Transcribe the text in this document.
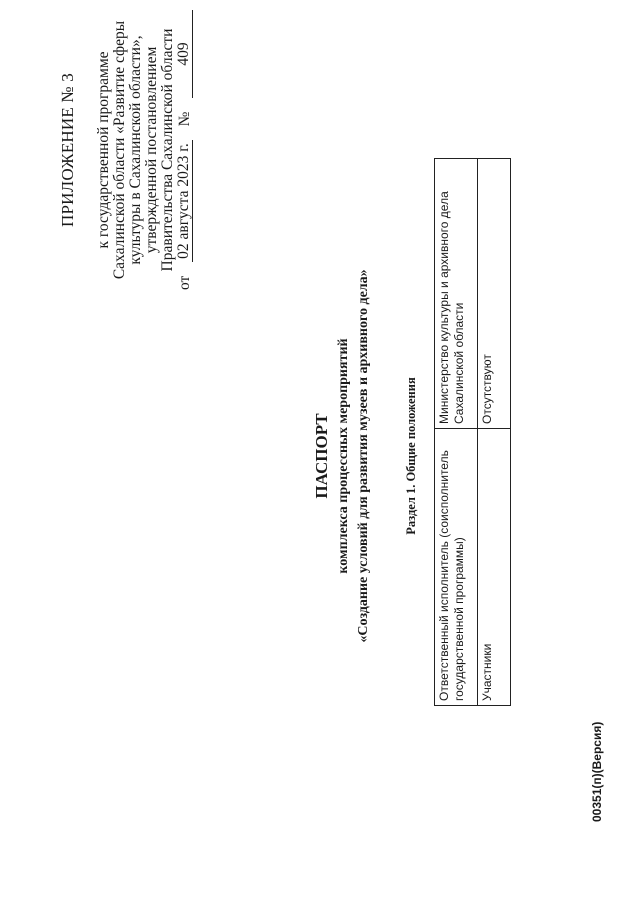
ПРИЛОЖЕНИЕ № 3 к государственной программе Сахалинской области «Развитие сферы культуры в Сахалинской области», утвержденной постановлением Правительства Сахалинской области
от
02 августа 2023 г.
№
409
ПАСПОРТ комплекса процессных мероприятий «Создание условий для развития музеев и архивного дела»	Раздел 1. Общие положения Ответственный исполнитель (соисполнитель государственной программы)	Министерство культуры и архивного дела Сахалинской области
Участники	Отсутствуют
00351(п)(Версия)
